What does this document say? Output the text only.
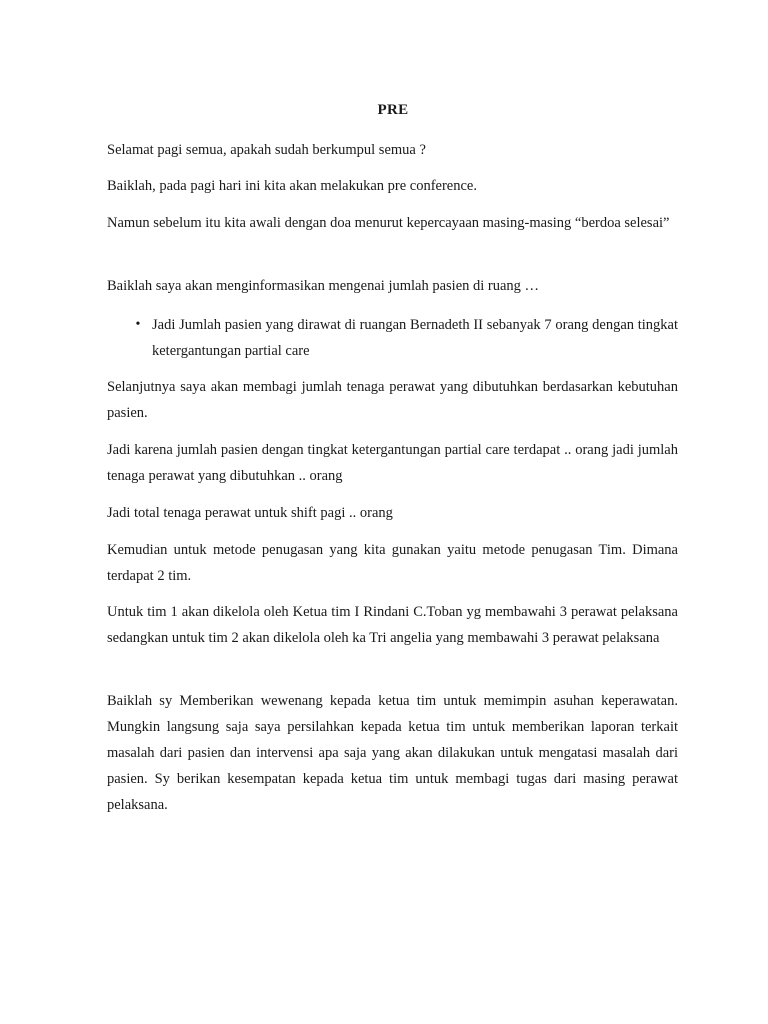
PRE
Selamat pagi semua, apakah sudah berkumpul semua ?
Baiklah, pada pagi hari ini kita akan melakukan pre conference.
Namun sebelum itu kita awali dengan doa menurut kepercayaan masing-masing “berdoa selesai”
Baiklah saya akan menginformasikan mengenai jumlah pasien di ruang …
• Jadi Jumlah pasien yang dirawat di ruangan Bernadeth II sebanyak 7 orang dengan tingkat ketergantungan partial care
Selanjutnya saya akan membagi jumlah tenaga perawat yang dibutuhkan berdasarkan kebutuhan pasien.
Jadi karena jumlah pasien dengan tingkat ketergantungan partial care terdapat .. orang jadi jumlah tenaga perawat yang dibutuhkan .. orang
Jadi total tenaga perawat untuk shift pagi .. orang
Kemudian untuk metode penugasan yang kita gunakan yaitu metode penugasan Tim. Dimana terdapat 2 tim.
Untuk tim 1 akan dikelola oleh Ketua tim I Rindani C.Toban yg membawahi 3 perawat pelaksana sedangkan untuk tim 2 akan dikelola oleh ka Tri angelia yang membawahi 3 perawat pelaksana
Baiklah sy Memberikan wewenang kepada ketua tim untuk memimpin asuhan keperawatan. Mungkin langsung saja saya persilahkan kepada ketua tim untuk memberikan laporan terkait masalah dari pasien dan intervensi apa saja yang akan dilakukan untuk mengatasi masalah dari pasien. Sy berikan kesempatan kepada ketua tim untuk membagi tugas dari masing perawat pelaksana.
